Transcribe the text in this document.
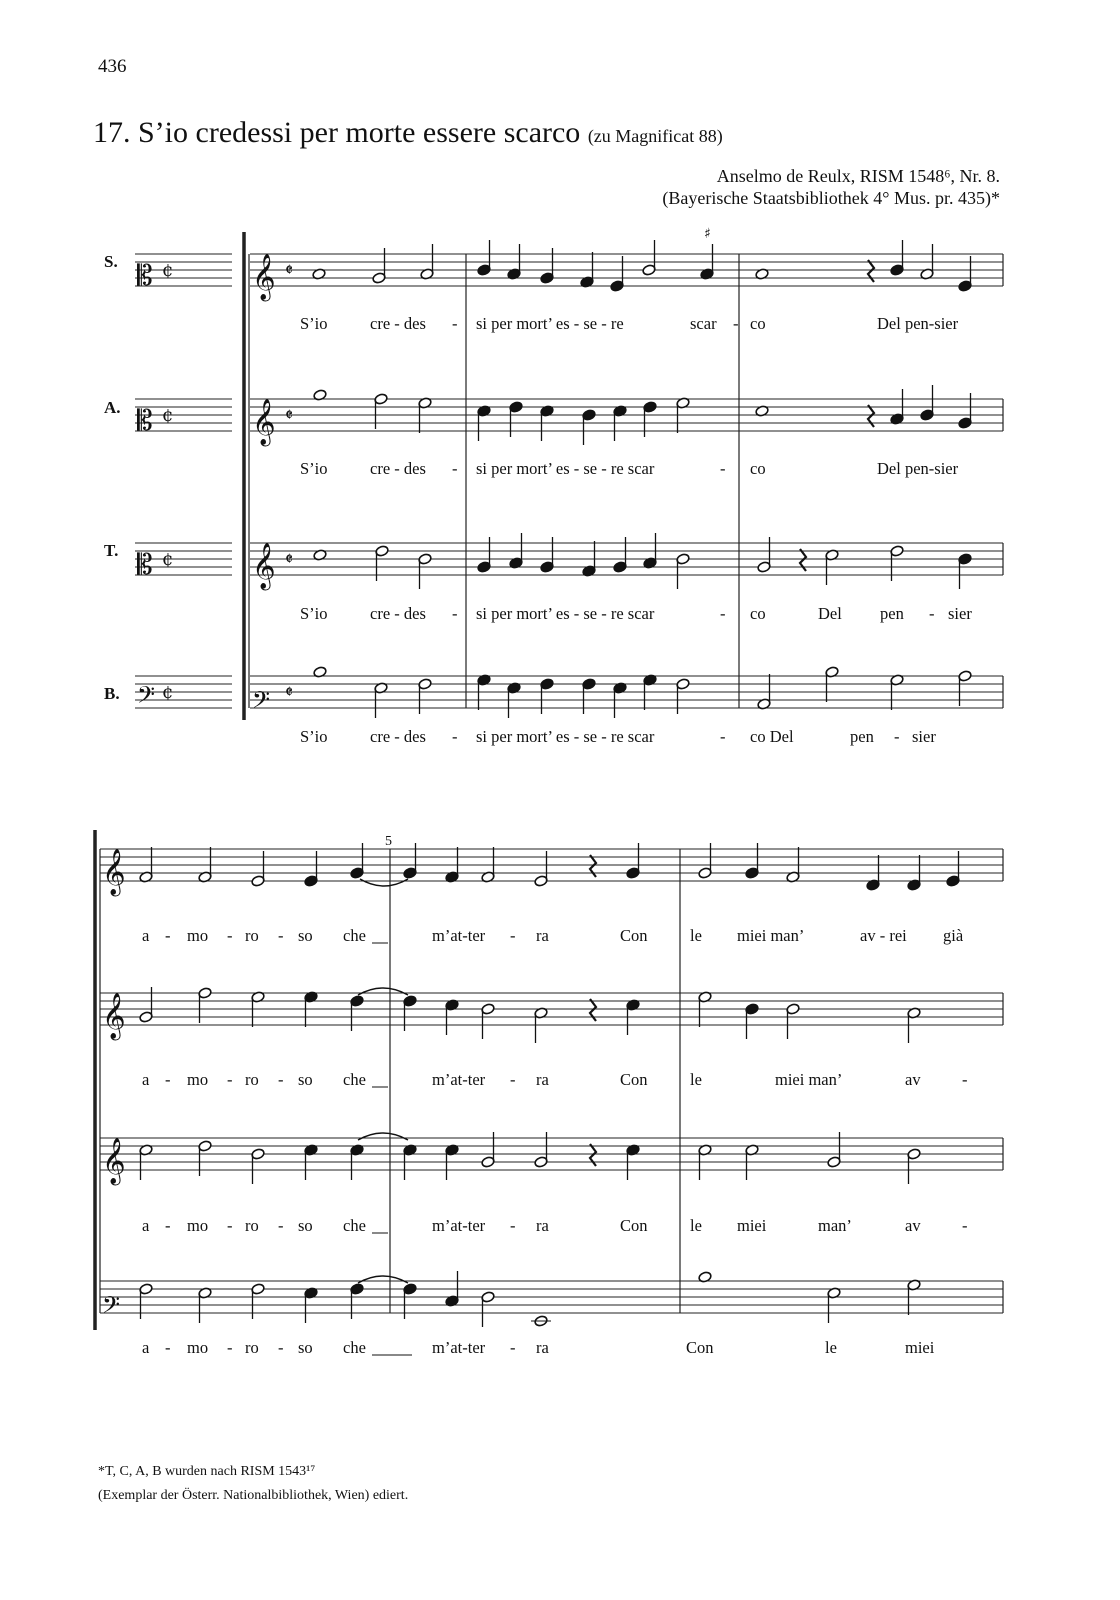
436
17. S’io credessi per morte essere scarco (zu Magnificat 88)
Anselmo de Reulx, RISM 1548⁶, Nr. 8.
(Bayerische Staatsbibliothek 4° Mus. pr. 435)*
S.
A.
T.
B.
5
𝄡 ¢ 𝄞 𝄵
𝄡 ¢ 𝄞 𝄵
𝄡 ¢ 𝄞 𝄵
𝄢 ¢	𝄢 𝄵
♯
𝄞
𝄞
𝄞
𝄢
S’io	cre - des - si per mort’ es - se - re	scar - co	Del pen-sier
S’io	cre - des - si per mort’ es - se - re scar	- co	Del pen-sier
S’io	cre - des - si per mort’ es - se - re scar	- co	Del pen - sier
S’io	cre - des - si per mort’ es - se - re scar	- co Del	pen - sier
a - mo - ro - so che	m’at-ter - ra	Con	le miei man’	av - rei già
a - mo - ro - so che	m’at-ter - ra	Con	le	miei man’	av	-
a - mo - ro - so che	m’at-ter - ra	Con	le miei	man’	av	-
a - mo - ro - so che	m’at-ter - ra	Con	le	miei
*T, C, A, B wurden nach RISM 1543¹⁷
(Exemplar der Österr. Nationalbibliothek, Wien) ediert.
